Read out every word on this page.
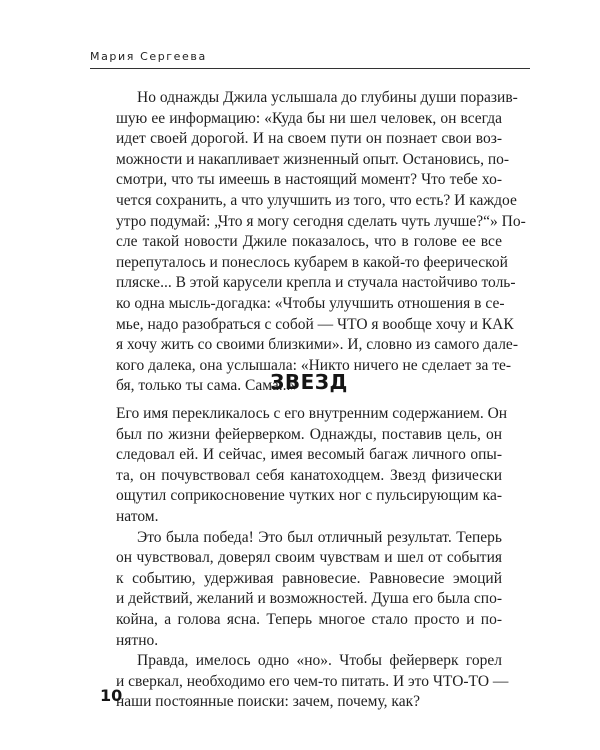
Мария Сергеева
Но однажды Джила услышала до глубины души поразив-
шую ее информацию: «Куда бы ни шел человек, он всегда
идет своей дорогой. И на своем пути он познает свои воз-
можности и накапливает жизненный опыт. Остановись, по-
смотри, что ты имеешь в настоящий момент? Что тебе хо-
чется сохранить, а что улучшить из того, что есть? И каждое
утро подумай: „Что я могу сегодня сделать чуть лучше?“» По-
сле такой новости Джиле показалось, что в голове ее все
перепуталось и понеслось кубарем в какой-то феерической
пляске... В этой карусели крепла и стучала настойчиво толь-
ко одна мысль-догадка: «Чтобы улучшить отношения в се-
мье, надо разобраться с собой — ЧТО я вообще хочу и КАК
я хочу жить со своими близкими». И, словно из самого дале-
кого далека, она услышала: «Никто ничего не сделает за те-
бя, только ты сама. Сама...»
ЗВЕЗД
Его имя перекликалось с его внутренним содержанием. Он
был по жизни фейерверком. Однажды, поставив цель, он
следовал ей. И сейчас, имея весомый багаж личного опы-
та, он почувствовал себя канатоходцем. Звезд физически
ощутил соприкосновение чутких ног с пульсирующим ка-
натом.
Это была победа! Это был отличный результат. Теперь
он чувствовал, доверял своим чувствам и шел от события
к событию, удерживая равновесие. Равновесие эмоций
и действий, желаний и возможностей. Душа его была спо-
койна, а голова ясна. Теперь многое стало просто и по-
нятно.
Правда, имелось одно «но». Чтобы фейерверк горел
и сверкал, необходимо его чем-то питать. И это ЧТО-ТО —
наши постоянные поиски: зачем, почему, как?
10
